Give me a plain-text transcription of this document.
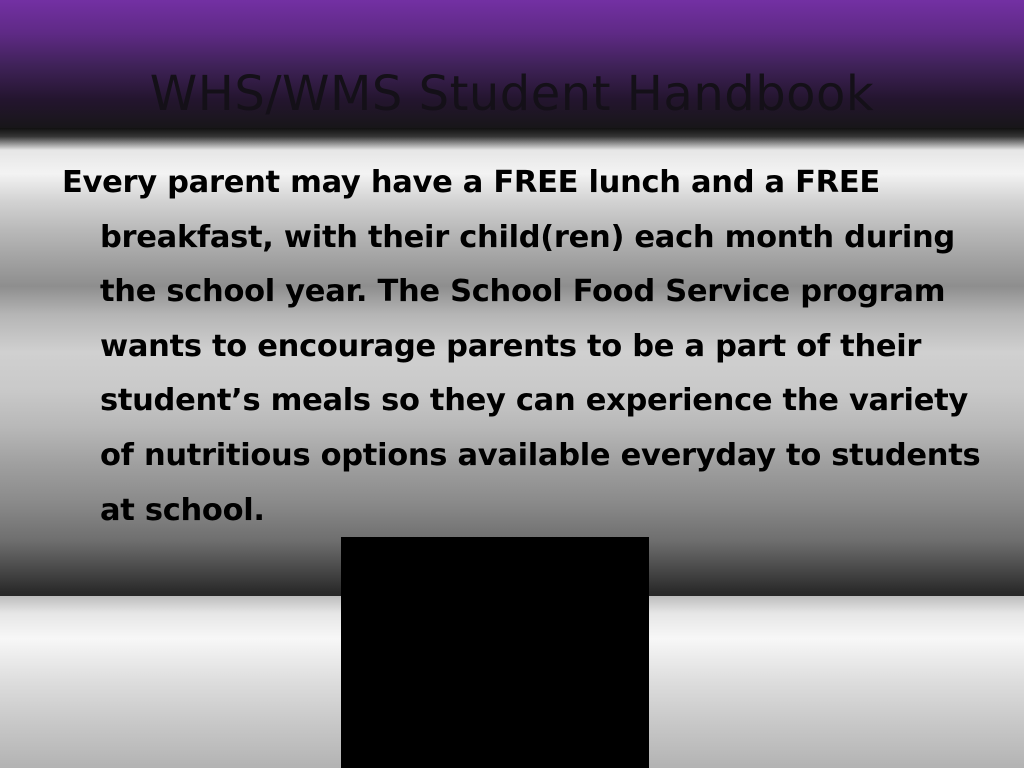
WHS/WMS Student Handbook

Every parent may have a FREE lunch and a FREE breakfast, with their child(ren) each month during the school year. The School Food Service program wants to encourage parents to be a part of their student’s meals so they can experience the variety of nutritious options available everyday to students at school.
